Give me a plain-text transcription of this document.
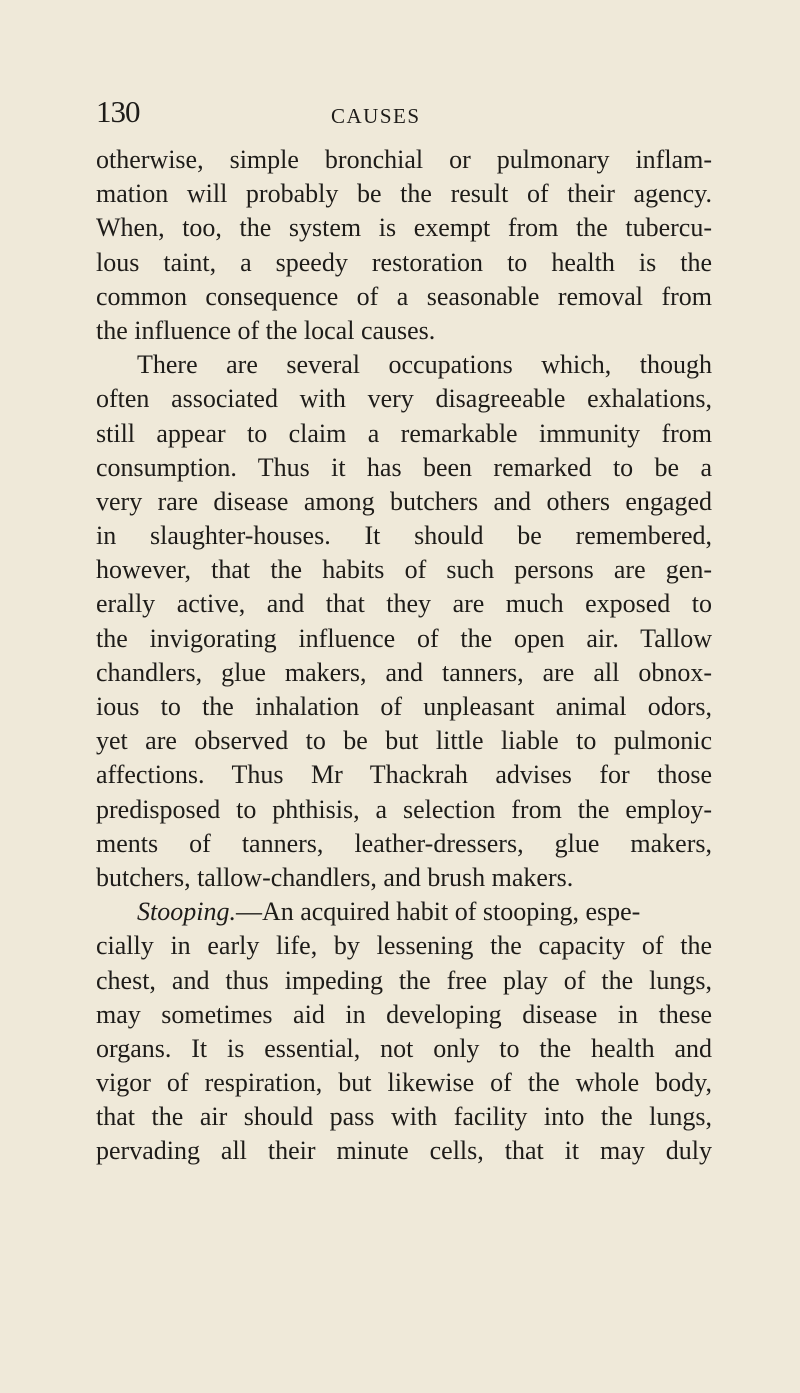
130	CAUSES
otherwise, simple bronchial or pulmonary inflam-
mation will probably be the result of their agency.
When, too, the system is exempt from the tubercu-
lous taint, a speedy restoration to health is the
common consequence of a seasonable removal from
the influence of the local causes.
There are several occupations which, though
often associated with very disagreeable exhalations,
still appear to claim a remarkable immunity from
consumption. Thus it has been remarked to be a
very rare disease among butchers and others engaged
in slaughter-houses. It should be remembered,
however, that the habits of such persons are gen-
erally active, and that they are much exposed to
the invigorating influence of the open air. Tallow
chandlers, glue makers, and tanners, are all obnox-
ious to the inhalation of unpleasant animal odors,
yet are observed to be but little liable to pulmonic
affections. Thus Mr Thackrah advises for those
predisposed to phthisis, a selection from the employ-
ments of tanners, leather-dressers, glue makers,
butchers, tallow-chandlers, and brush makers.
Stooping.—An acquired habit of stooping, espe-
cially in early life, by lessening the capacity of the
chest, and thus impeding the free play of the lungs,
may sometimes aid in developing disease in these
organs. It is essential, not only to the health and
vigor of respiration, but likewise of the whole body,
that the air should pass with facility into the lungs,
pervading all their minute cells, that it may duly
